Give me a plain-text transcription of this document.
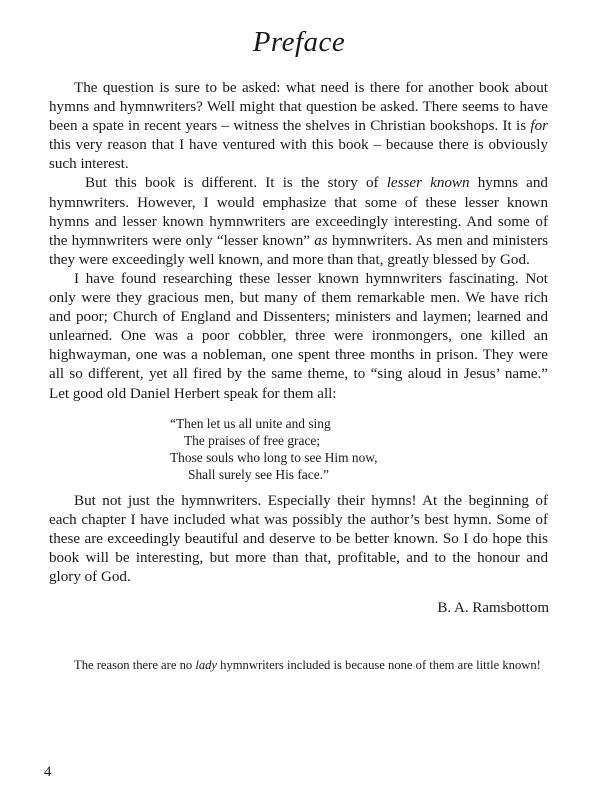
Preface

The question is sure to be asked: what need is there for another book about hymns and hymnwriters? Well might that question be asked. There seems to have been a spate in recent years – witness the shelves in Christian bookshops. It is for this very reason that I have ventured with this book – because there is obviously such interest.

But this book is different. It is the story of lesser known hymns and hymnwriters. However, I would emphasize that some of these lesser known hymns and lesser known hymnwriters are exceedingly interesting. And some of the hymnwriters were only “lesser known” as hymnwriters. As men and ministers they were exceedingly well known, and more than that, greatly blessed by God.

I have found researching these lesser known hymnwriters fascinating. Not only were they gracious men, but many of them remarkable men. We have rich and poor; Church of England and Dissenters; ministers and laymen; learned and unlearned. One was a poor cobbler, three were ironmongers, one killed an highwayman, one was a nobleman, one spent three months in prison. They were all so different, yet all fired by the same theme, to “sing aloud in Jesus’ name.” Let good old Daniel Herbert speak for them all:

“Then let us all unite and sing
The praises of free grace;
Those souls who long to see Him now,
Shall surely see His face.”

But not just the hymnwriters. Especially their hymns! At the beginning of each chapter I have included what was possibly the author’s best hymn. Some of these are exceedingly beautiful and deserve to be better known. So I do hope this book will be interesting, but more than that, profitable, and to the honour and glory of God.

B. A. Ramsbottom

The reason there are no lady hymnwriters included is because none of them are little known!

4
